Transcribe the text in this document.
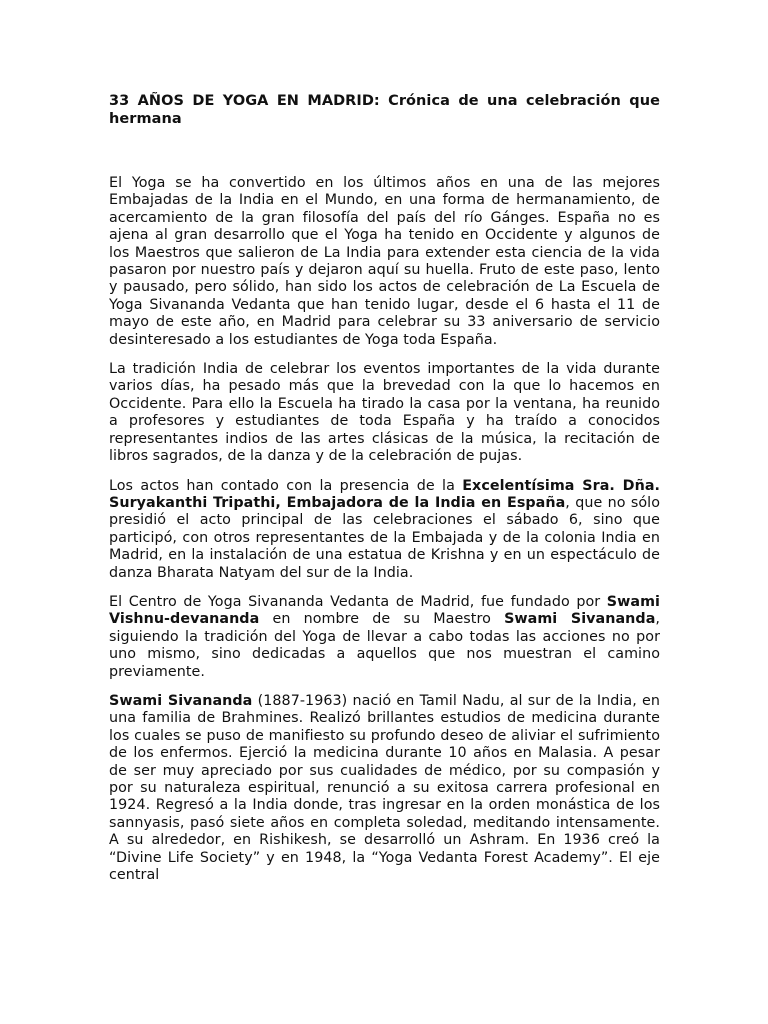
33 AÑOS DE YOGA EN MADRID: Crónica de una celebración que hermana

El Yoga se ha convertido en los últimos años en una de las mejores Embajadas de la India en el Mundo, en una forma de hermanamiento, de acercamiento de la gran filosofía del país del río Gánges. España no es ajena al gran desarrollo que el Yoga ha tenido en Occidente y algunos de los Maestros que salieron de La India para extender esta ciencia de la vida pasaron por nuestro país y dejaron aquí su huella. Fruto de este paso, lento y pausado, pero sólido, han sido los actos de celebración de La Escuela de Yoga Sivananda Vedanta que han tenido lugar, desde el 6 hasta el 11 de mayo de este año, en Madrid para celebrar su 33 aniversario de servicio desinteresado a los estudiantes de Yoga toda España.

La tradición India de celebrar los eventos importantes de la vida durante varios días, ha pesado más que la brevedad con la que lo hacemos en Occidente. Para ello la Escuela ha tirado la casa por la ventana, ha reunido a profesores y estudiantes de toda España y ha traído a conocidos representantes indios de las artes clásicas de la música, la recitación de libros sagrados, de la danza y de la celebración de pujas.

Los actos han contado con la presencia de la Excelentísima Sra. Dña. Suryakanthi Tripathi, Embajadora de la India en España, que no sólo presidió el acto principal de las celebraciones el sábado 6, sino que participó, con otros representantes de la Embajada y de la colonia India en Madrid, en la instalación de una estatua de Krishna y en un espectáculo de danza Bharata Natyam del sur de la India.

El Centro de Yoga Sivananda Vedanta de Madrid, fue fundado por Swami Vishnu-devananda en nombre de su Maestro Swami Sivananda, siguiendo la tradición del Yoga de llevar a cabo todas las acciones no por uno mismo, sino dedicadas a aquellos que nos muestran el camino previamente.

Swami Sivananda (1887-1963) nació en Tamil Nadu, al sur de la India, en una familia de Brahmines. Realizó brillantes estudios de medicina durante los cuales se puso de manifiesto su profundo deseo de aliviar el sufrimiento de los enfermos. Ejerció la medicina durante 10 años en Malasia. A pesar de ser muy apreciado por sus cualidades de médico, por su compasión y por su naturaleza espiritual, renunció a su exitosa carrera profesional en 1924. Regresó a la India donde, tras ingresar en la orden monástica de los sannyasis, pasó siete años en completa soledad, meditando intensamente. A su alrededor, en Rishikesh, se desarrolló un Ashram. En 1936 creó la “Divine Life Society” y en 1948, la “Yoga Vedanta Forest Academy”. El eje central
